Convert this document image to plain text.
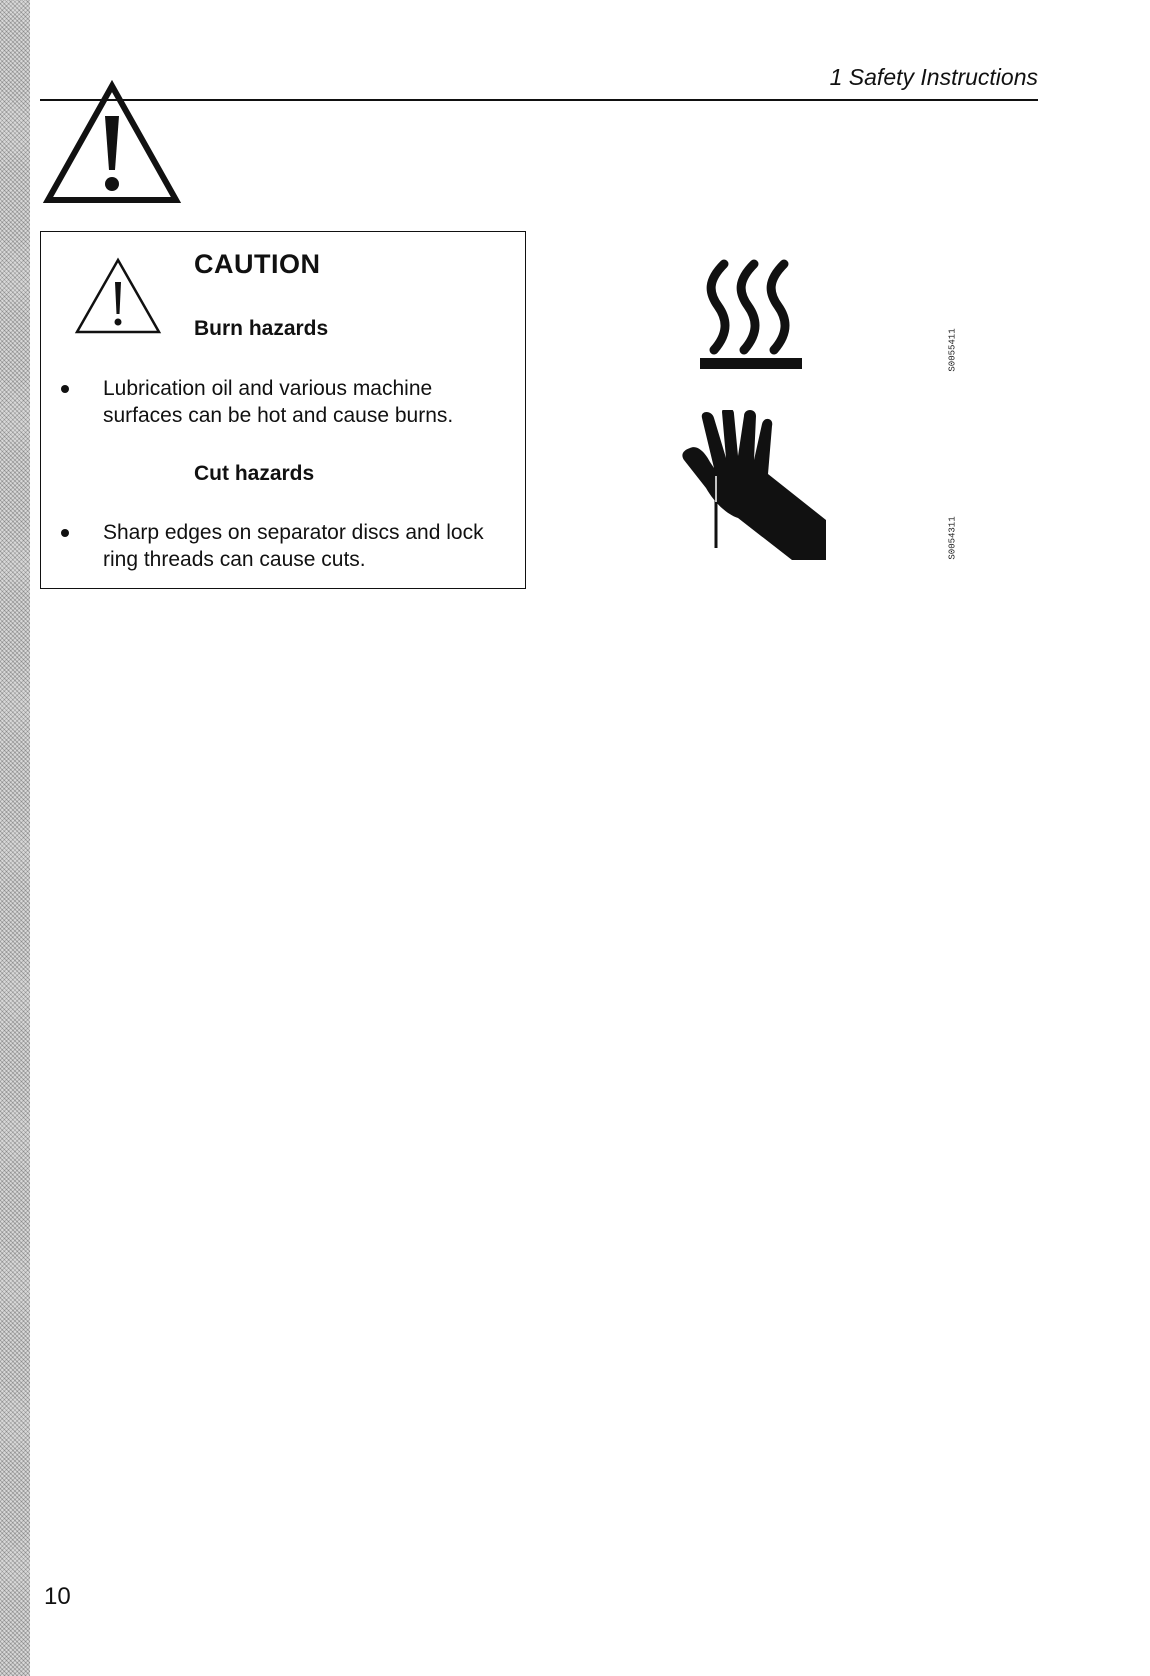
1 Safety Instructions
CAUTION
Burn hazards
Lubrication oil and various machine surfaces can be hot and cause burns.
Cut hazards
Sharp edges on separator discs and lock ring threads can cause cuts.
S0055411
S0054311
10
